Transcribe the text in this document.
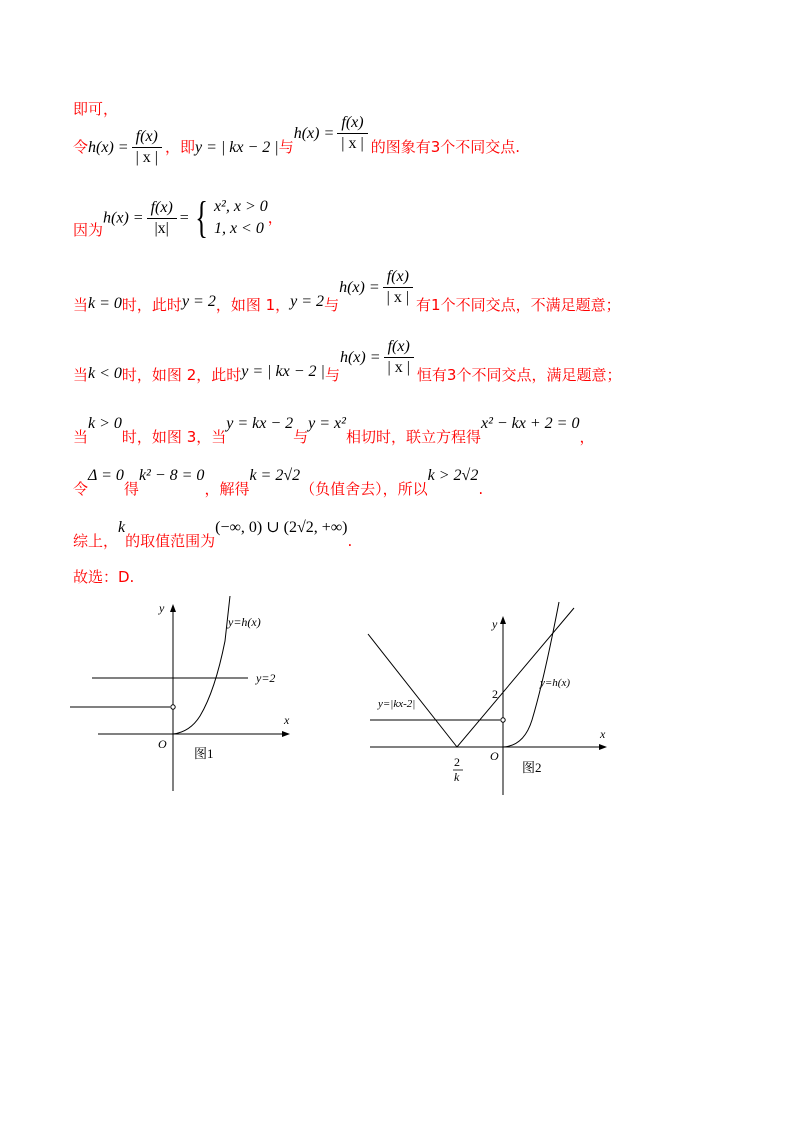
即可，
令$h(x) = \frac{f(x)}{| x |}$ ，即y = | kx − 2 |与$h(x) = \frac{f(x)}{| x |}$ 的图象有3个不同交点.
因为$h(x) = \frac{f(x)}{|x|}$ = { x², x > 0
1, x < 0
，
当k = 0时，此时y = 2，如图 1，y = 2与$h(x) = \frac{f(x)}{| x |}$ 有1个不同交点，不满足题意；
当k < 0时，如图 2，此时y = | kx − 2 |与$h(x) = \frac{f(x)}{| x |}$ 恒有3个不同交点，满足题意；
当k > 0时，如图 3，当y = kx − 2与y = x²相切时，联立方程得x² − kx + 2 = 0，
令Δ = 0得k² − 8 = 0，解得k = 2√2（负值舍去），所以k > 2√2.
综上，k的取值范围为(−∞, 0) ∪ (2√2, +∞).
故选：D.
y
x
O
y=2
y=h(x)
图1
y
x
O
y=|kx-2|
y=h(x)
2
2
k
图2
